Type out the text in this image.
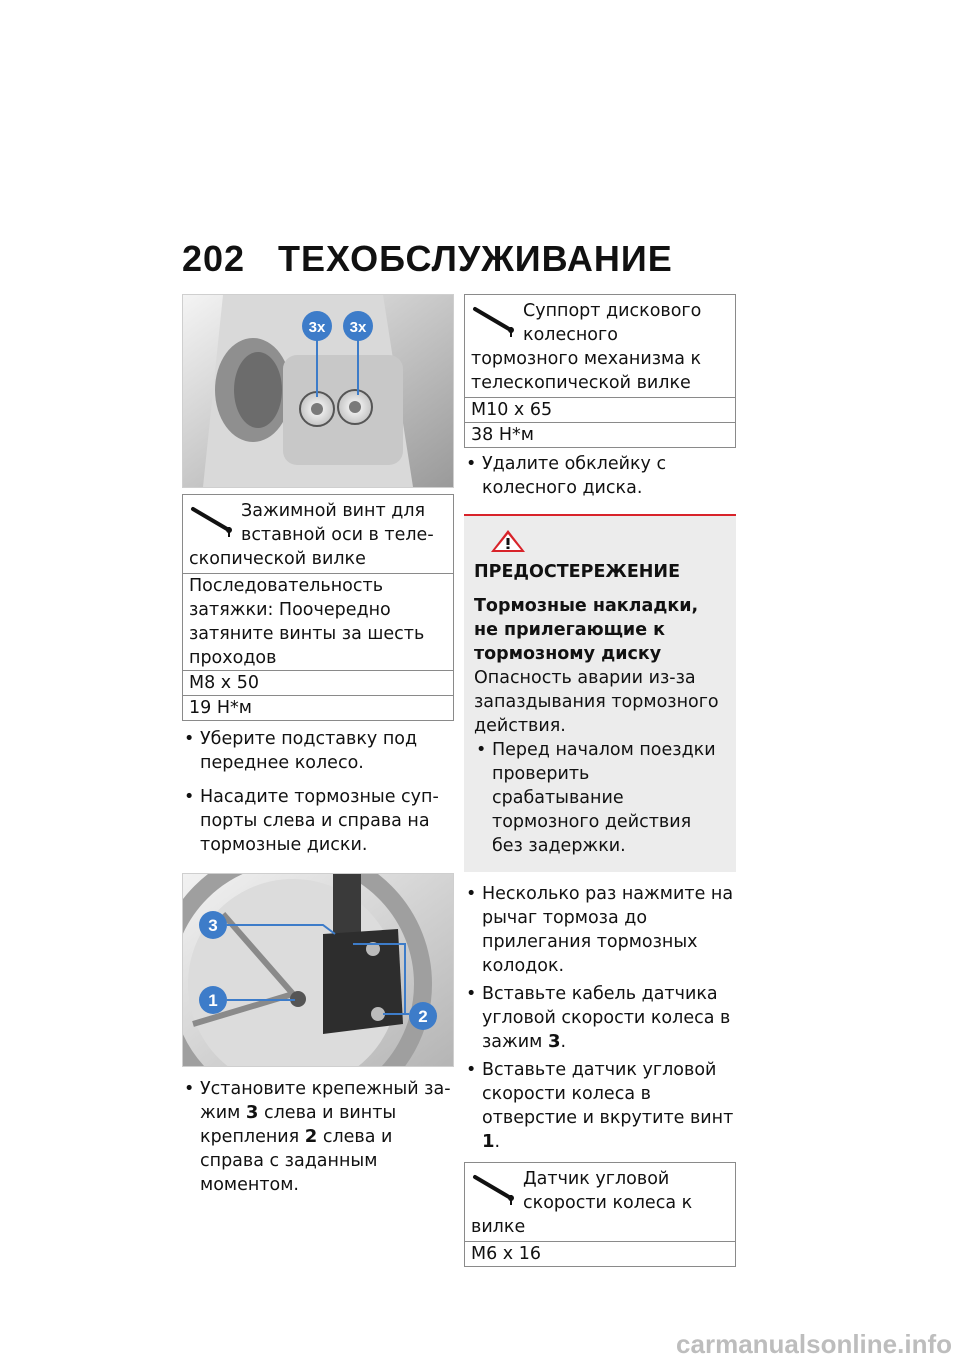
202 ТЕХОБСЛУЖИВАНИЕ
3x 3x
Зажимной винт для вставной оси в телескопической вилке
Последовательность затяжки: Поочередно затяните винты за шесть проходов
M8 x 50
19 Н*м
• Уберите подставку под переднее колесо.
• Насадите тормозные суппорты слева и справа на тормозные диски.
3
1
2
• Установите крепежный зажим 3 слева и винты крепления 2 слева и справа с заданным моментом.
Суппорт дискового колесного тормозного механизма к телескопической вилке
M10 x 65
38 Н*м
• Удалите обклейку с колесного диска.
ПРЕДОСТЕРЕЖЕНИЕ
Тормозные накладки, не прилегающие к тормозному диску
Опасность аварии из-за запаздывания тормозного действия.
• Перед началом поездки проверить срабатывание тормозного действия без задержки.
• Несколько раз нажмите на рычаг тормоза до прилегания тормозных колодок.
• Вставьте кабель датчика угловой скорости колеса в зажим 3.
• Вставьте датчик угловой скорости колеса в отверстие и вкрутите винт 1.
Датчик угловой скорости колеса к вилке
M6 x 16
carmanualsonline.info
